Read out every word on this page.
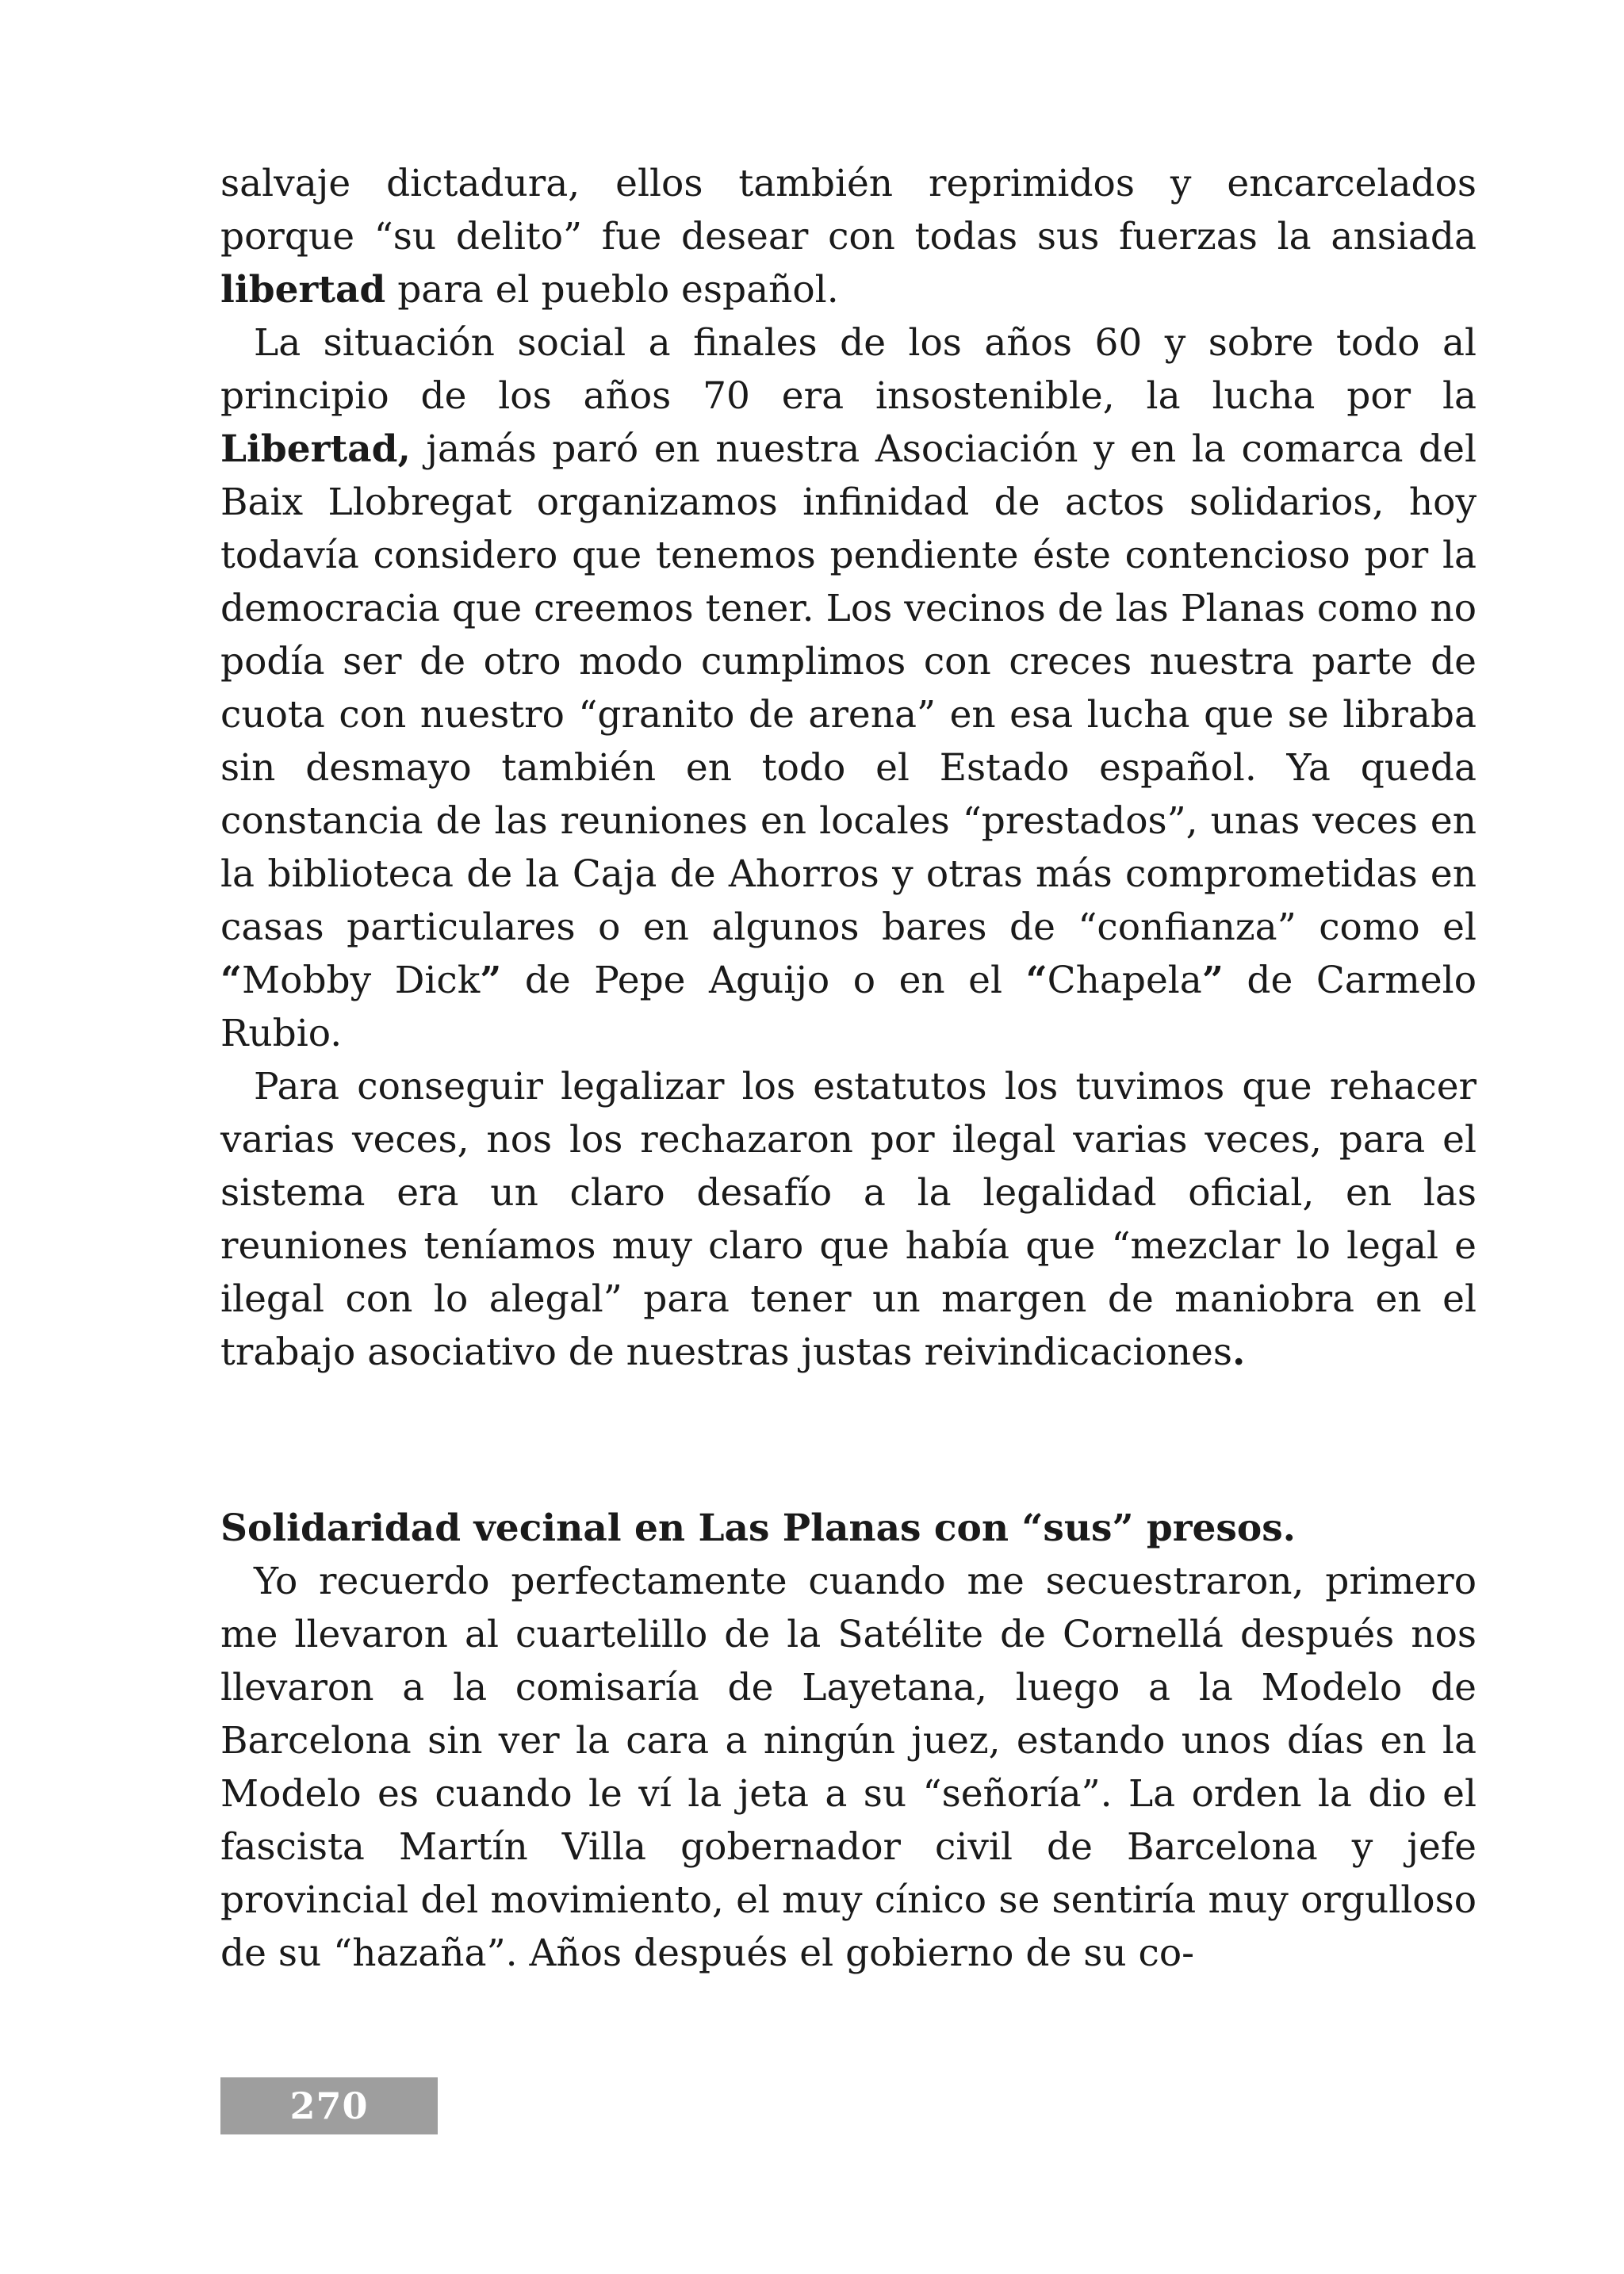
salvaje dictadura, ellos también reprimidos y encarcelados porque “su delito” fue desear con todas sus fuerzas la ansiada libertad para el pueblo español.

La situación social a finales de los años 60 y sobre todo al principio de los años 70 era insostenible, la lucha por la Libertad, jamás paró en nuestra Asociación y en la comarca del Baix Llobregat organizamos infinidad de actos solidarios, hoy todavía considero que tenemos pendiente éste contencioso por la democracia que creemos tener. Los vecinos de las Planas como no podía ser de otro modo cumplimos con creces nuestra parte de cuota con nuestro “granito de arena” en esa lucha que se libraba sin desmayo también en todo el Estado español. Ya queda constancia de las reuniones en locales “prestados”, unas veces en la biblioteca de la Caja de Ahorros y otras más comprometidas en casas particulares o en algunos bares de “confianza” como el “Mobby Dick” de Pepe Aguijo o en el “Chapela” de Carmelo Rubio.

Para conseguir legalizar los estatutos los tuvimos que rehacer varias veces, nos los rechazaron por ilegal varias veces, para el sistema era un claro desafío a la legalidad oficial, en las reuniones teníamos muy claro que había que “mezclar lo legal e ilegal con lo alegal” para tener un margen de maniobra en el trabajo asociativo de nuestras justas reivindicaciones.

Solidaridad vecinal en Las Planas con “sus” presos.

Yo recuerdo perfectamente cuando me secuestraron, primero me llevaron al cuartelillo de la Satélite de Cornellá después nos llevaron a la comisaría de Layetana, luego a la Modelo de Barcelona sin ver la cara a ningún juez, estando unos días en la Modelo es cuando le ví la jeta a su “señoría”. La orden la dio el fascista Martín Villa gobernador civil de Barcelona y jefe provincial del movimiento, el muy cínico se sentiría muy orgulloso de su “hazaña”. Años después el gobierno de su co-

270
